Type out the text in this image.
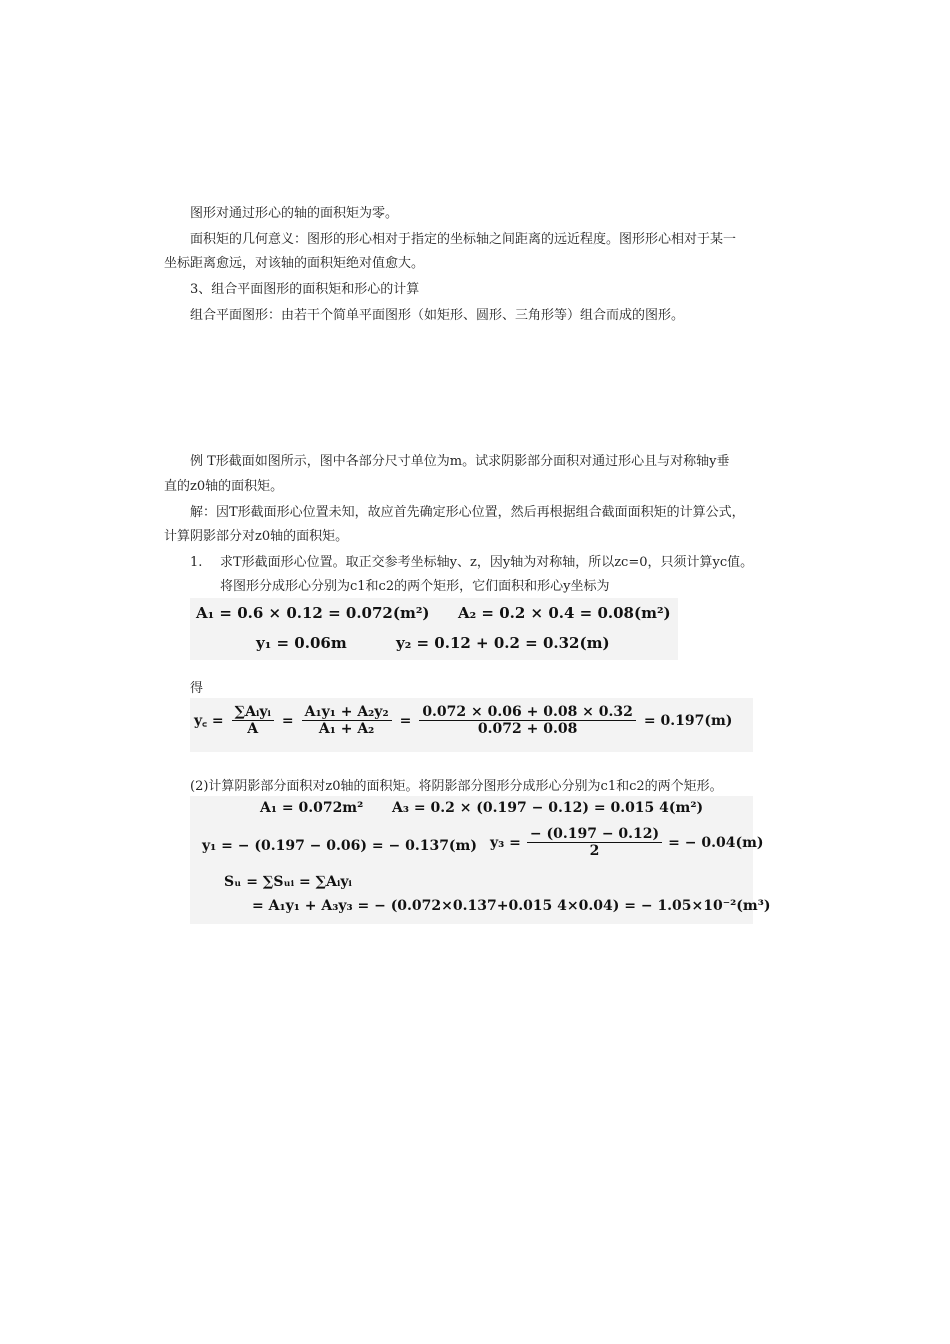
图形对通过形心的轴的面积矩为零。
面积矩的几何意义：图形的形心相对于指定的坐标轴之间距离的远近程度。图形形心相对于某一
坐标距离愈远，对该轴的面积矩绝对值愈大。
3、组合平面图形的面积矩和形心的计算
组合平面图形：由若干个简单平面图形（如矩形、圆形、三角形等）组合而成的图形。
例 T形截面如图所示，图中各部分尺寸单位为m。试求阴影部分面积对通过形心且与对称轴y垂
直的z0轴的面积矩。
解：因T形截面形心位置未知，故应首先确定形心位置，然后再根据组合截面面积矩的计算公式，
计算阴影部分对z0轴的面积矩。
1. 求T形截面形心位置。取正交参考坐标轴y、z，因y轴为对称轴，所以zc=0，只须计算yc值。
将图形分成形心分别为c1和c2的两个矩形，它们面积和形心y坐标为
A₁ = 0.6 × 0.12 = 0.072(m²) A₂ = 0.2 × 0.4 = 0.08(m²)
y₁ = 0.06m	y₂ = 0.12 + 0.2 = 0.32(m)
得
y꜀ = $\frac{\text{∑Aᵢyᵢ}}{A} = \frac{\text{A₁y₁ + A₂y₂}}{\text{A₁ + A₂}} = \frac{0.072 \times 0.06 + 0.08 \times 0.32}{0.072 + 0.08} = 0.197(m)$
(2)计算阴影部分面积对z0轴的面积矩。将阴影部分图形分成形心分别为c1和c2的两个矩形。
A₁ = 0.072m² A₃ = 0.2 × (0.197 − 0.12) = 0.015 4(m²)
y₁ = − (0.197 − 0.06) = − 0.137(m) $y_3 = \frac{- (0.197 - 0.12)}{2}$ = − 0.04(m)
Sᵤ = ∑Sᵤᵢ = ∑Aᵢyᵢ
= A₁y₁ + A₃y₃ = − (0.072×0.137+0.015 4×0.04) = − 1.05×10⁻²(m³)
